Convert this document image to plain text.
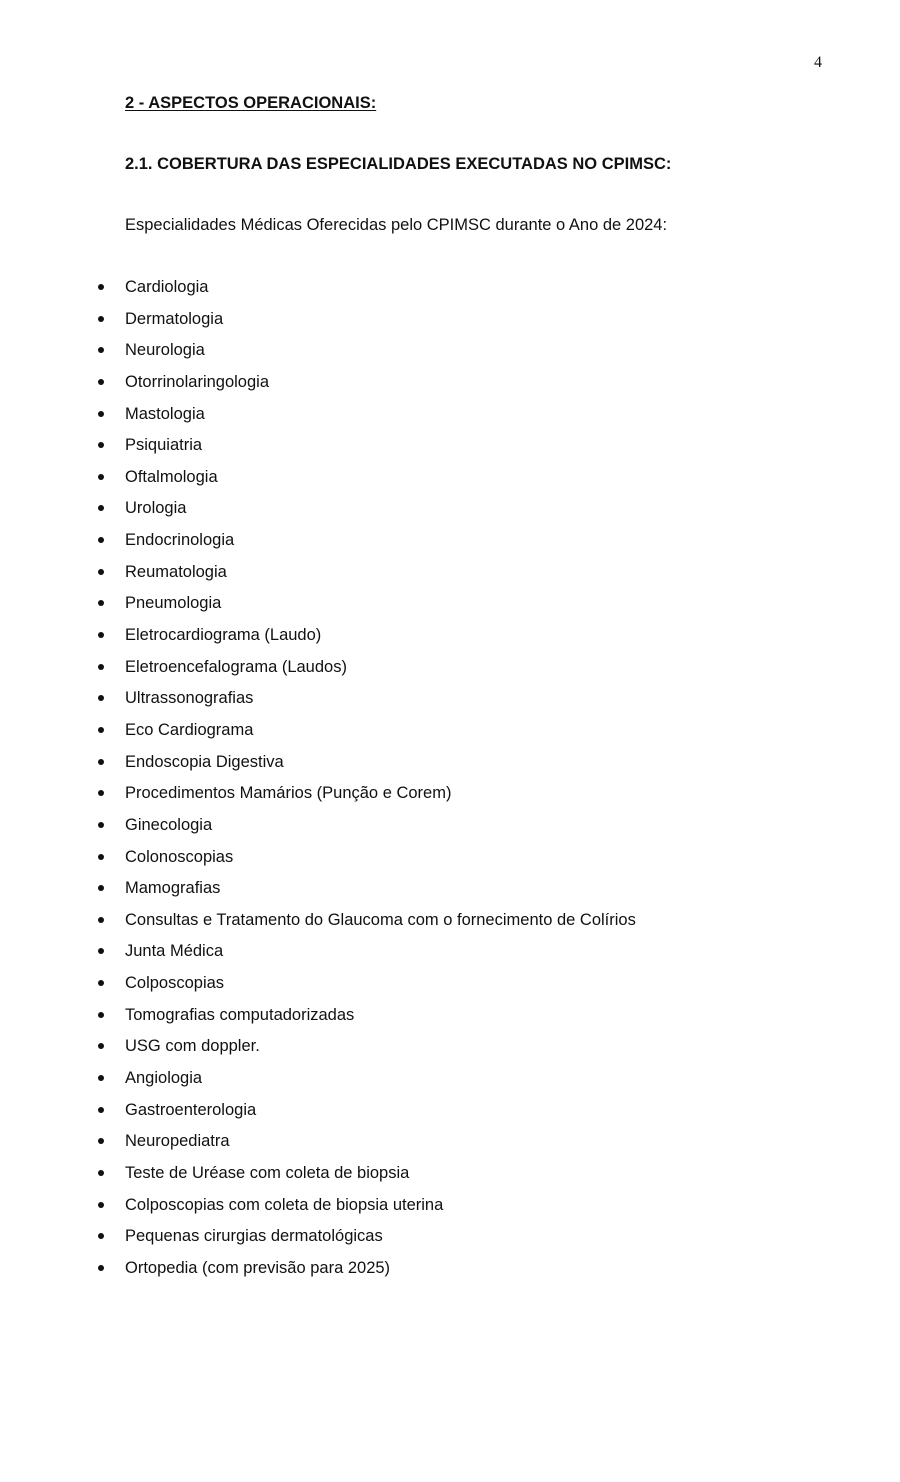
4
2 - ASPECTOS OPERACIONAIS:
2.1. COBERTURA DAS ESPECIALIDADES EXECUTADAS NO CPIMSC:

Especialidades Médicas Oferecidas pelo CPIMSC durante o Ano de 2024:

Cardiologia
Dermatologia
Neurologia
Otorrinolaringologia
Mastologia
Psiquiatria
Oftalmologia
Urologia
Endocrinologia
Reumatologia
Pneumologia
Eletrocardiograma (Laudo)
Eletroencefalograma (Laudos)
Ultrassonografias
Eco Cardiograma
Endoscopia Digestiva
Procedimentos Mamários (Punção e Corem)
Ginecologia
Colonoscopias
Mamografias
Consultas e Tratamento do Glaucoma com o fornecimento de Colírios
Junta Médica
Colposcopias
Tomografias computadorizadas
USG com doppler.
Angiologia
Gastroenterologia
Neuropediatra
Teste de Uréase com coleta de biopsia
Colposcopias com coleta de biopsia uterina
Pequenas cirurgias dermatológicas
Ortopedia (com previsão para 2025)
